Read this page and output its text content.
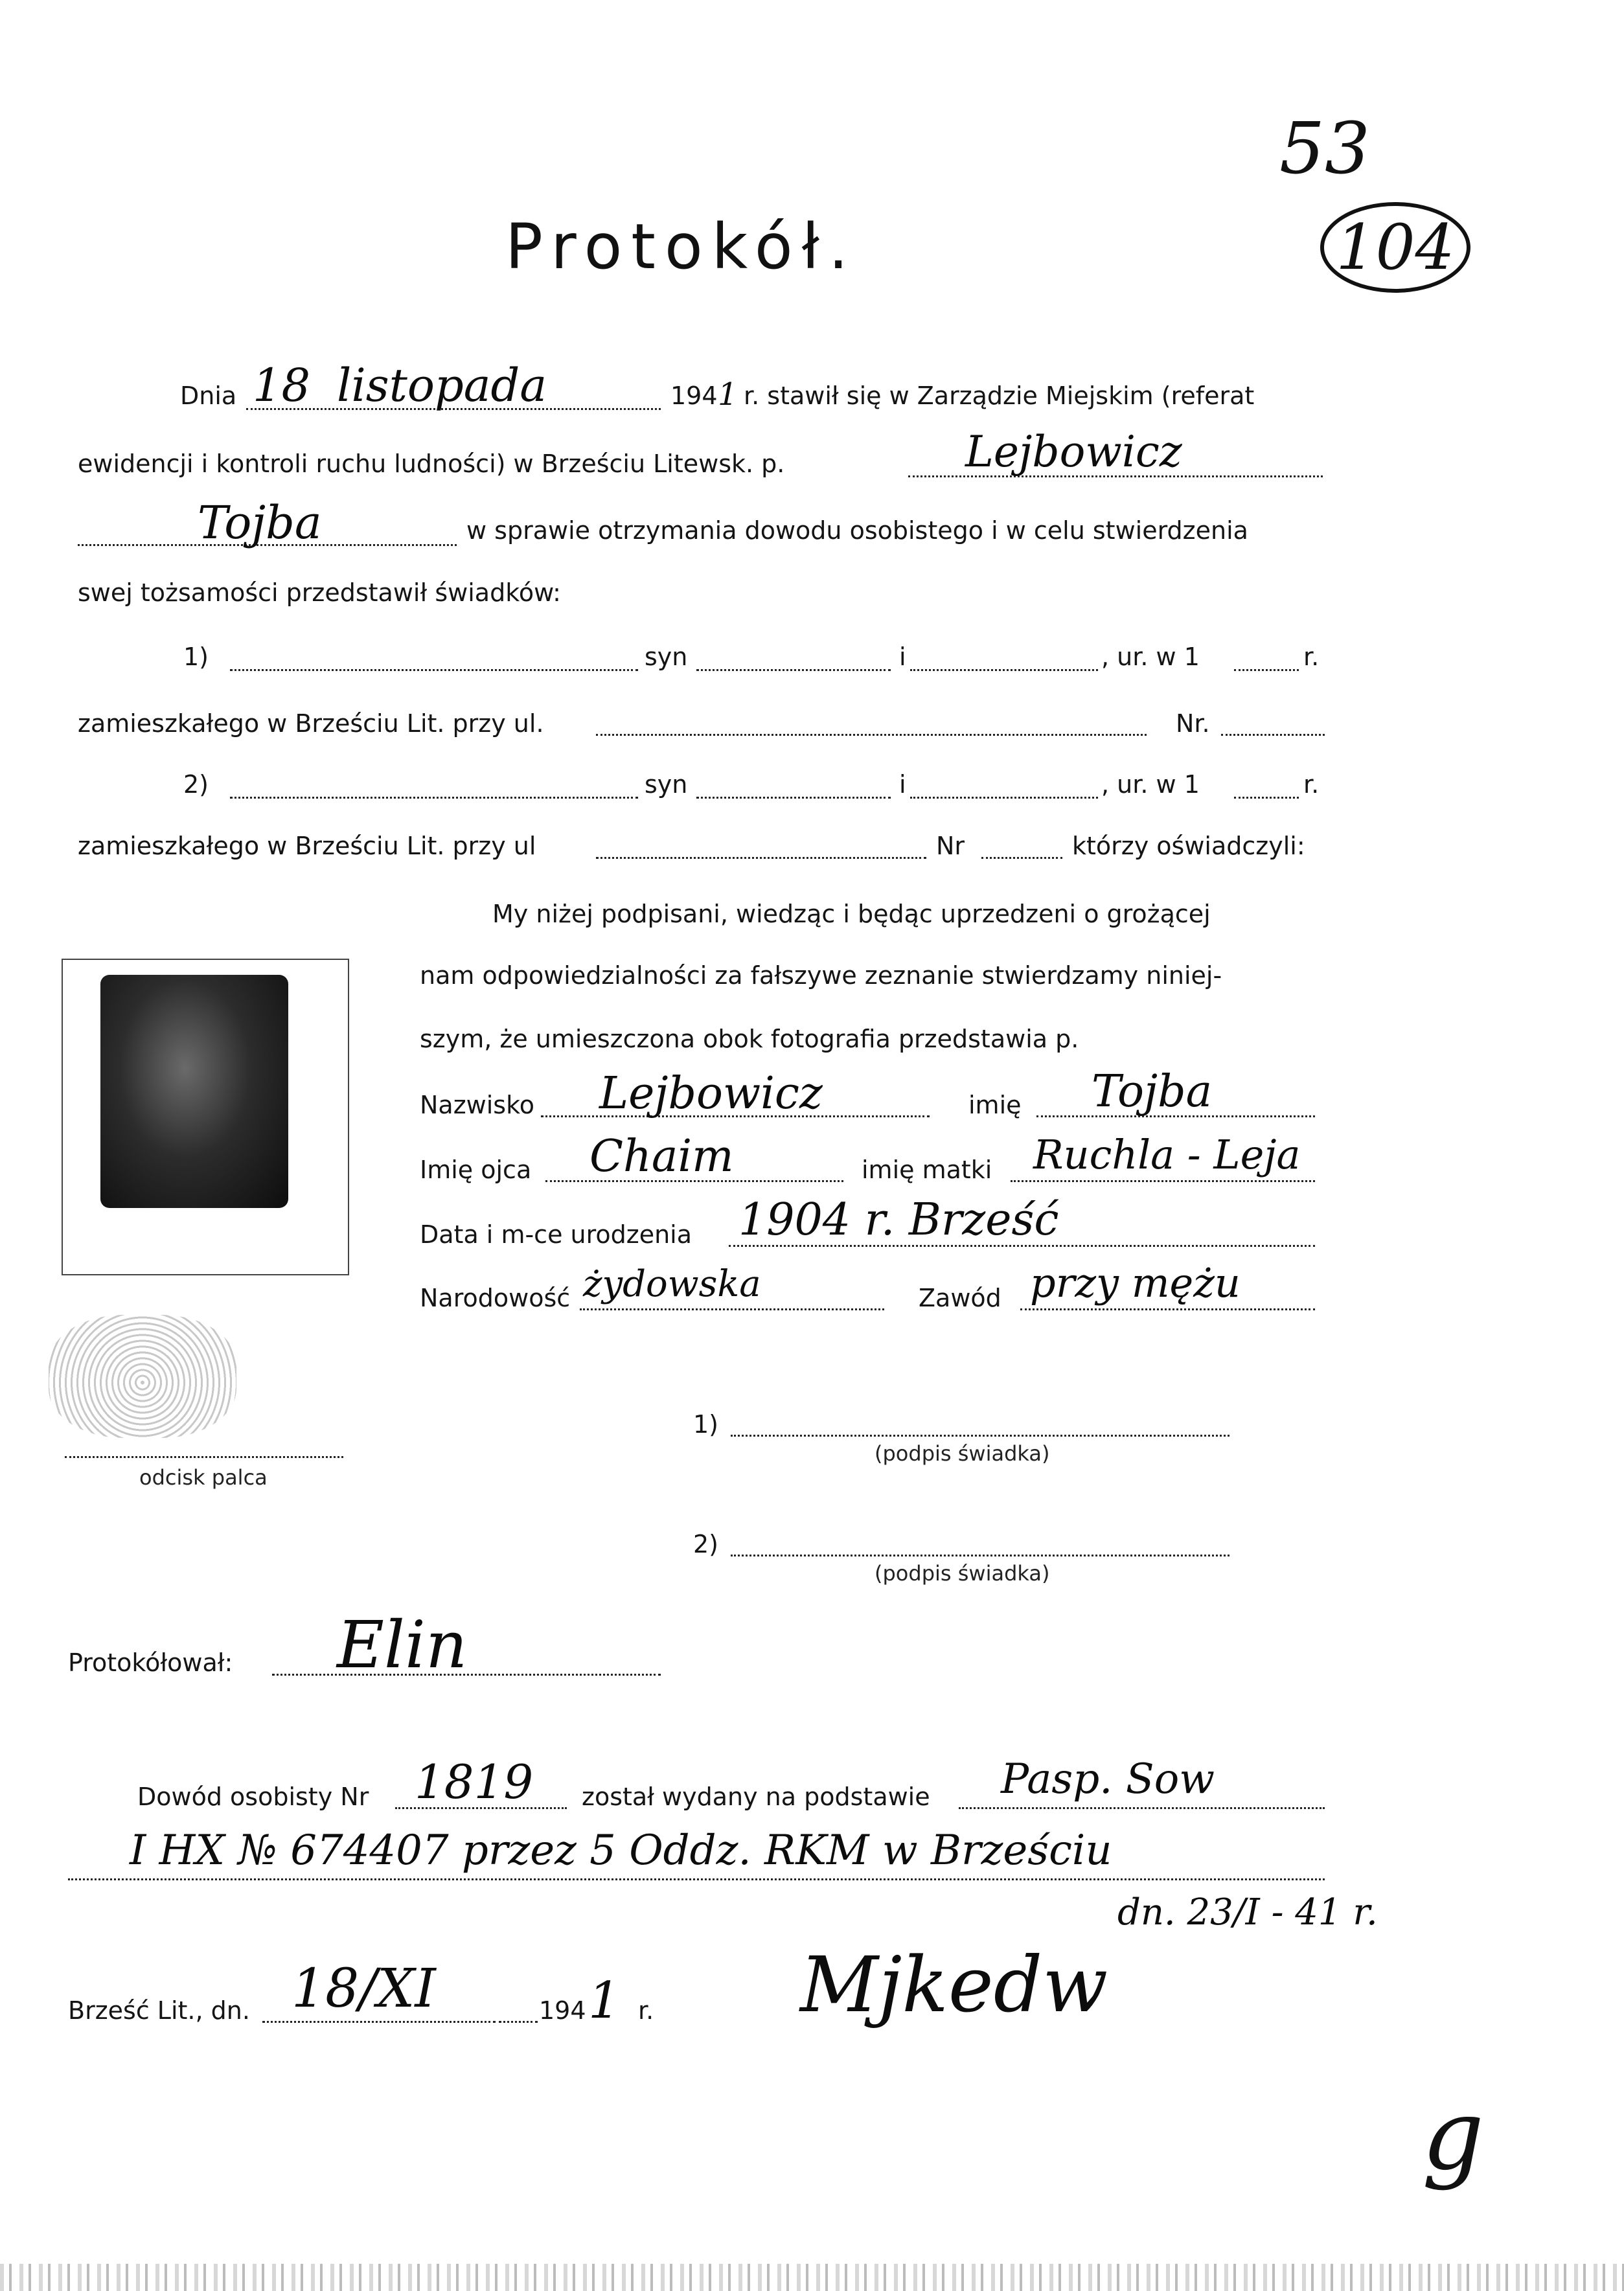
53
104
Protokół.
Dnia 18 listopada	194 1 r. stawił się w Zarządzie Miejskim (referat
ewidencji i kontroli ruchu ludności) w Brześciu Litewsk. p.	Lejbowicz
Tojba	w sprawie otrzymania dowodu osobistego i w celu stwierdzenia
swej tożsamości przedstawił świadków:
1)	syn	i	, ur. w 1	r.
zamieszkałego w Brześciu Lit. przy ul.	Nr.
2)	syn	i	, ur. w 1	r.
zamieszkałego w Brześciu Lit. przy ul	Nr	którzy oświadczyli:
My niżej podpisani, wiedząc i będąc uprzedzeni o grożącej
nam odpowiedzialności za fałszywe zeznanie stwierdzamy niniej-
szym, że umieszczona obok fotografia przedstawia p.
Nazwisko Lejbowicz	imię Tojba
Imię ojca Chaim	imię matki Ruchla - Leja
Data i m-ce urodzenia 1904 r. Brześć
Narodowość żydowska	Zawód przy mężu
odcisk palca
1)
(podpis świadka)
2)
(podpis świadka)
Protokółował: Elin
Dowód osobisty Nr 1819 został wydany na podstawie Pasp. Sow
I HX № 674407 przez 5 Oddz. RKM w Brześciu
dn. 23/I - 41 r.
Brześć Lit., dn. 18/XI	194 1 r. Mjkedw
g
